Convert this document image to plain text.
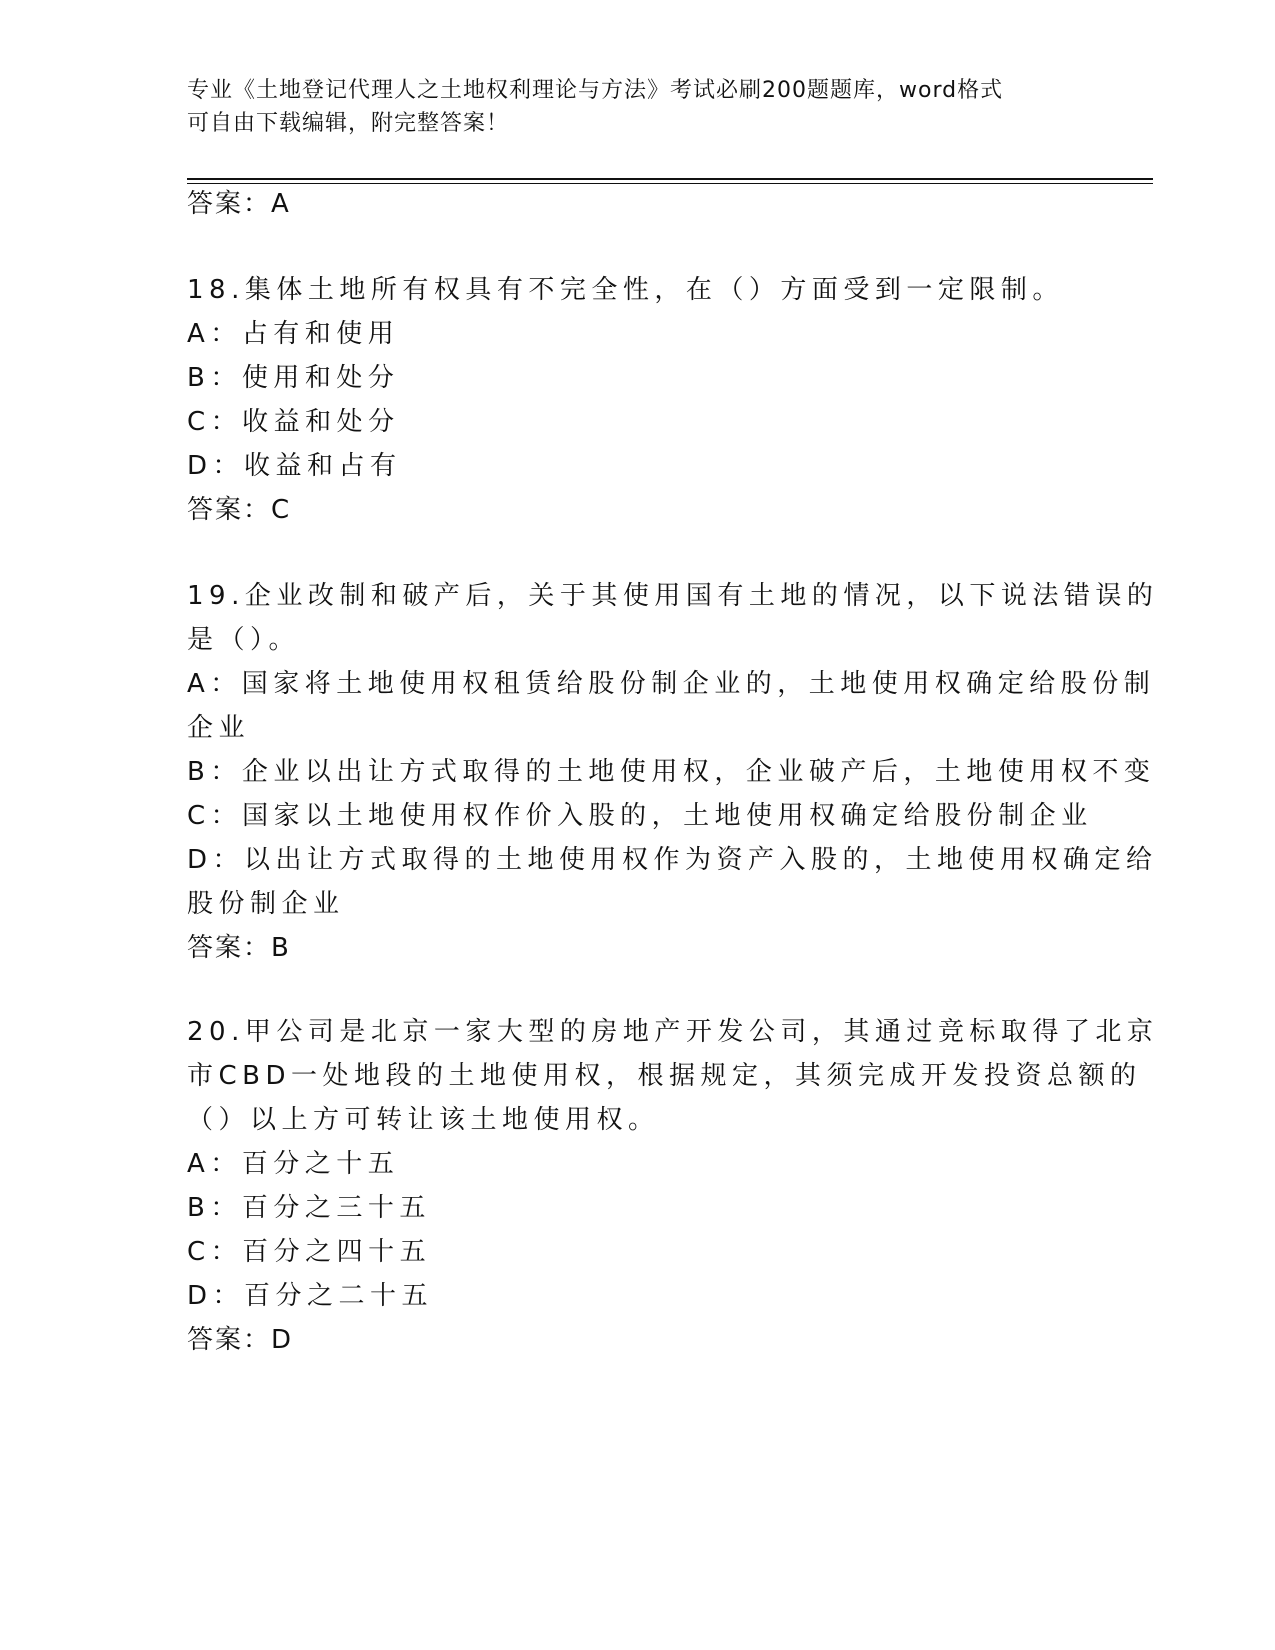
专业《土地登记代理人之土地权利理论与方法》考试必刷200题题库，word格式
可自由下载编辑，附完整答案！
答案：A
18.集体土地所有权具有不完全性，在（）方面受到一定限制。
A：占有和使用
B：使用和处分
C：收益和处分
D：收益和占有
答案：C
19.企业改制和破产后，关于其使用国有土地的情况，以下说法错误的
是（）。
A：国家将土地使用权租赁给股份制企业的，土地使用权确定给股份制
企业
B：企业以出让方式取得的土地使用权，企业破产后，土地使用权不变
C：国家以土地使用权作价入股的，土地使用权确定给股份制企业
D：以出让方式取得的土地使用权作为资产入股的，土地使用权确定给
股份制企业
答案：B
20.甲公司是北京一家大型的房地产开发公司，其通过竞标取得了北京
市CBD一处地段的土地使用权，根据规定，其须完成开发投资总额的
（）以上方可转让该土地使用权。
A：百分之十五
B：百分之三十五
C：百分之四十五
D：百分之二十五
答案：D
